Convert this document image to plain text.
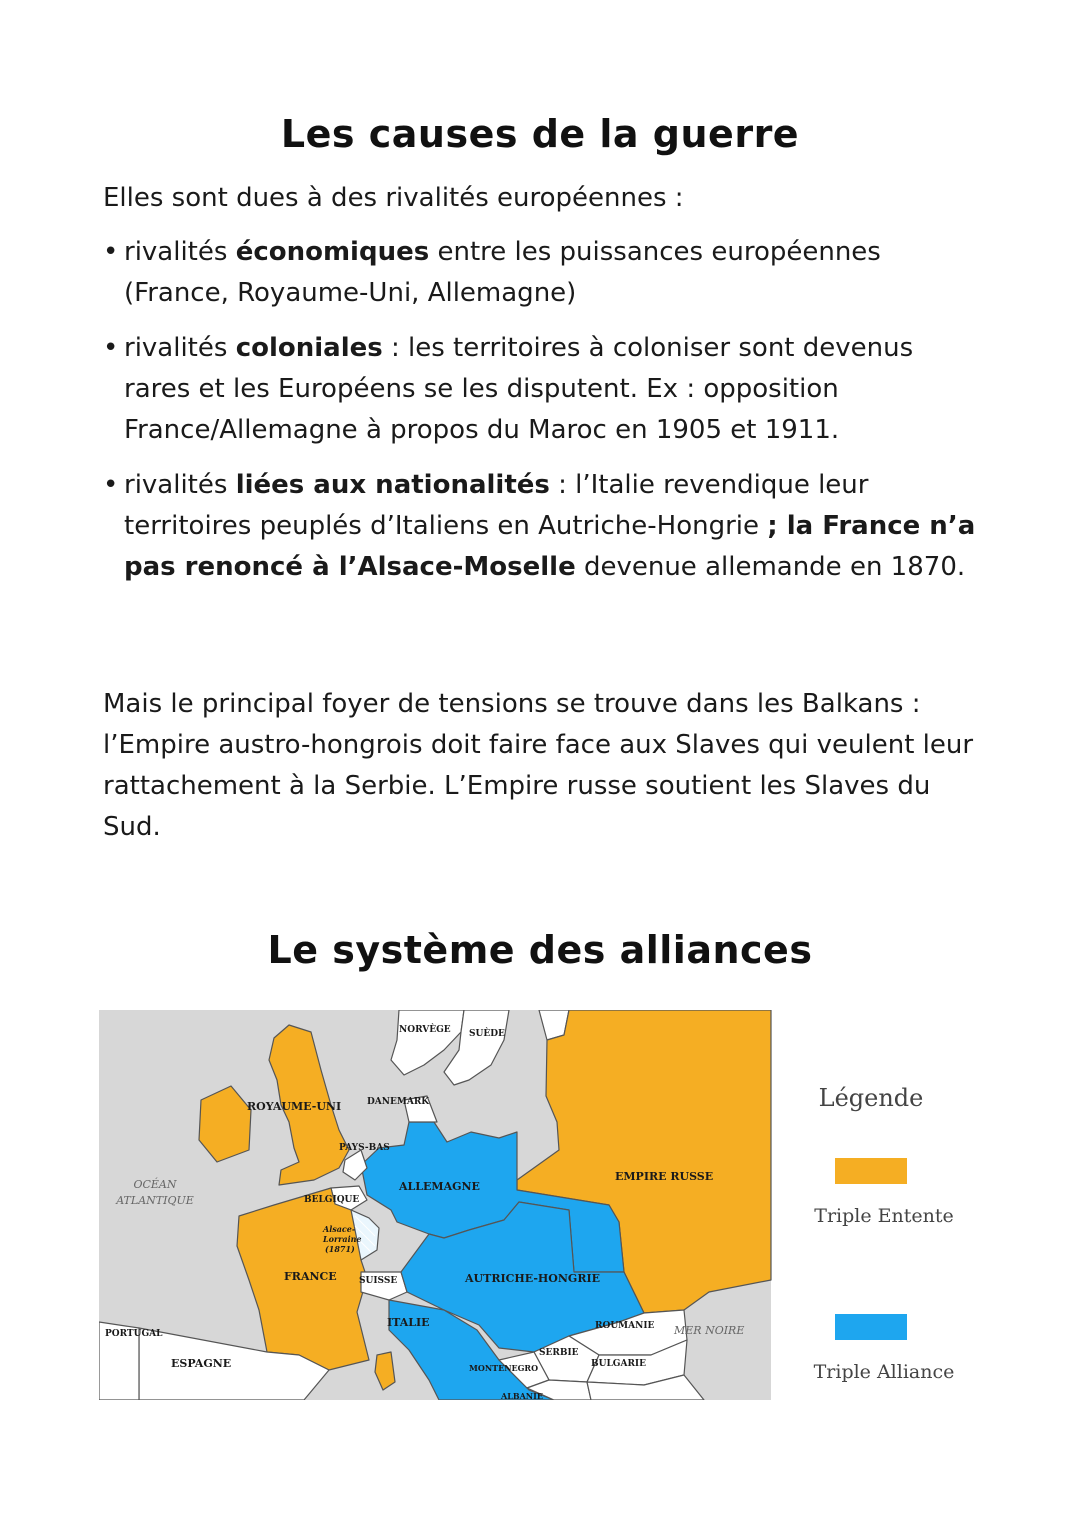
Les causes de la guerre
Elles sont dues à des rivalités européennes :
• rivalités économiques entre les puissances européennes (France, Royaume-Uni, Allemagne)
• rivalités coloniales : les territoires à coloniser sont devenus rares et les Européens se les disputent. Ex : opposition France/Allemagne à propos du Maroc en 1905 et 1911.
• rivalités liées aux nationalités : l’Italie revendique leur territoires peuplés d’Italiens en Autriche-Hongrie ; la France n’a pas renoncé à l’Alsace-Moselle devenue allemande en 1870.
Mais le principal foyer de tensions se trouve dans les Balkans : l’Empire austro-hongrois doit faire face aux Slaves qui veulent leur rattachement à la Serbie. L’Empire russe soutient les Slaves du Sud.
Le système des alliances
NORVÈGE SUÈDE
ROYAUME-UNI	DANEMARK
PAYS-BAS
BELGIQUE
ALLEMAGNE
EMPIRE RUSSE
FRANCE SUISSE	AUTRICHE-HONGRIE
ITALIE	ROUMANIE
SERBIE
BULGARIE
MONTENEGRO
ALBANIE
PORTUGAL
ESPAGNE
OCÉAN
ATLANTIQUE
MER NOIRE
Alsace-
Lorraine
(1871)
Légende
Triple Entente
Triple Alliance
